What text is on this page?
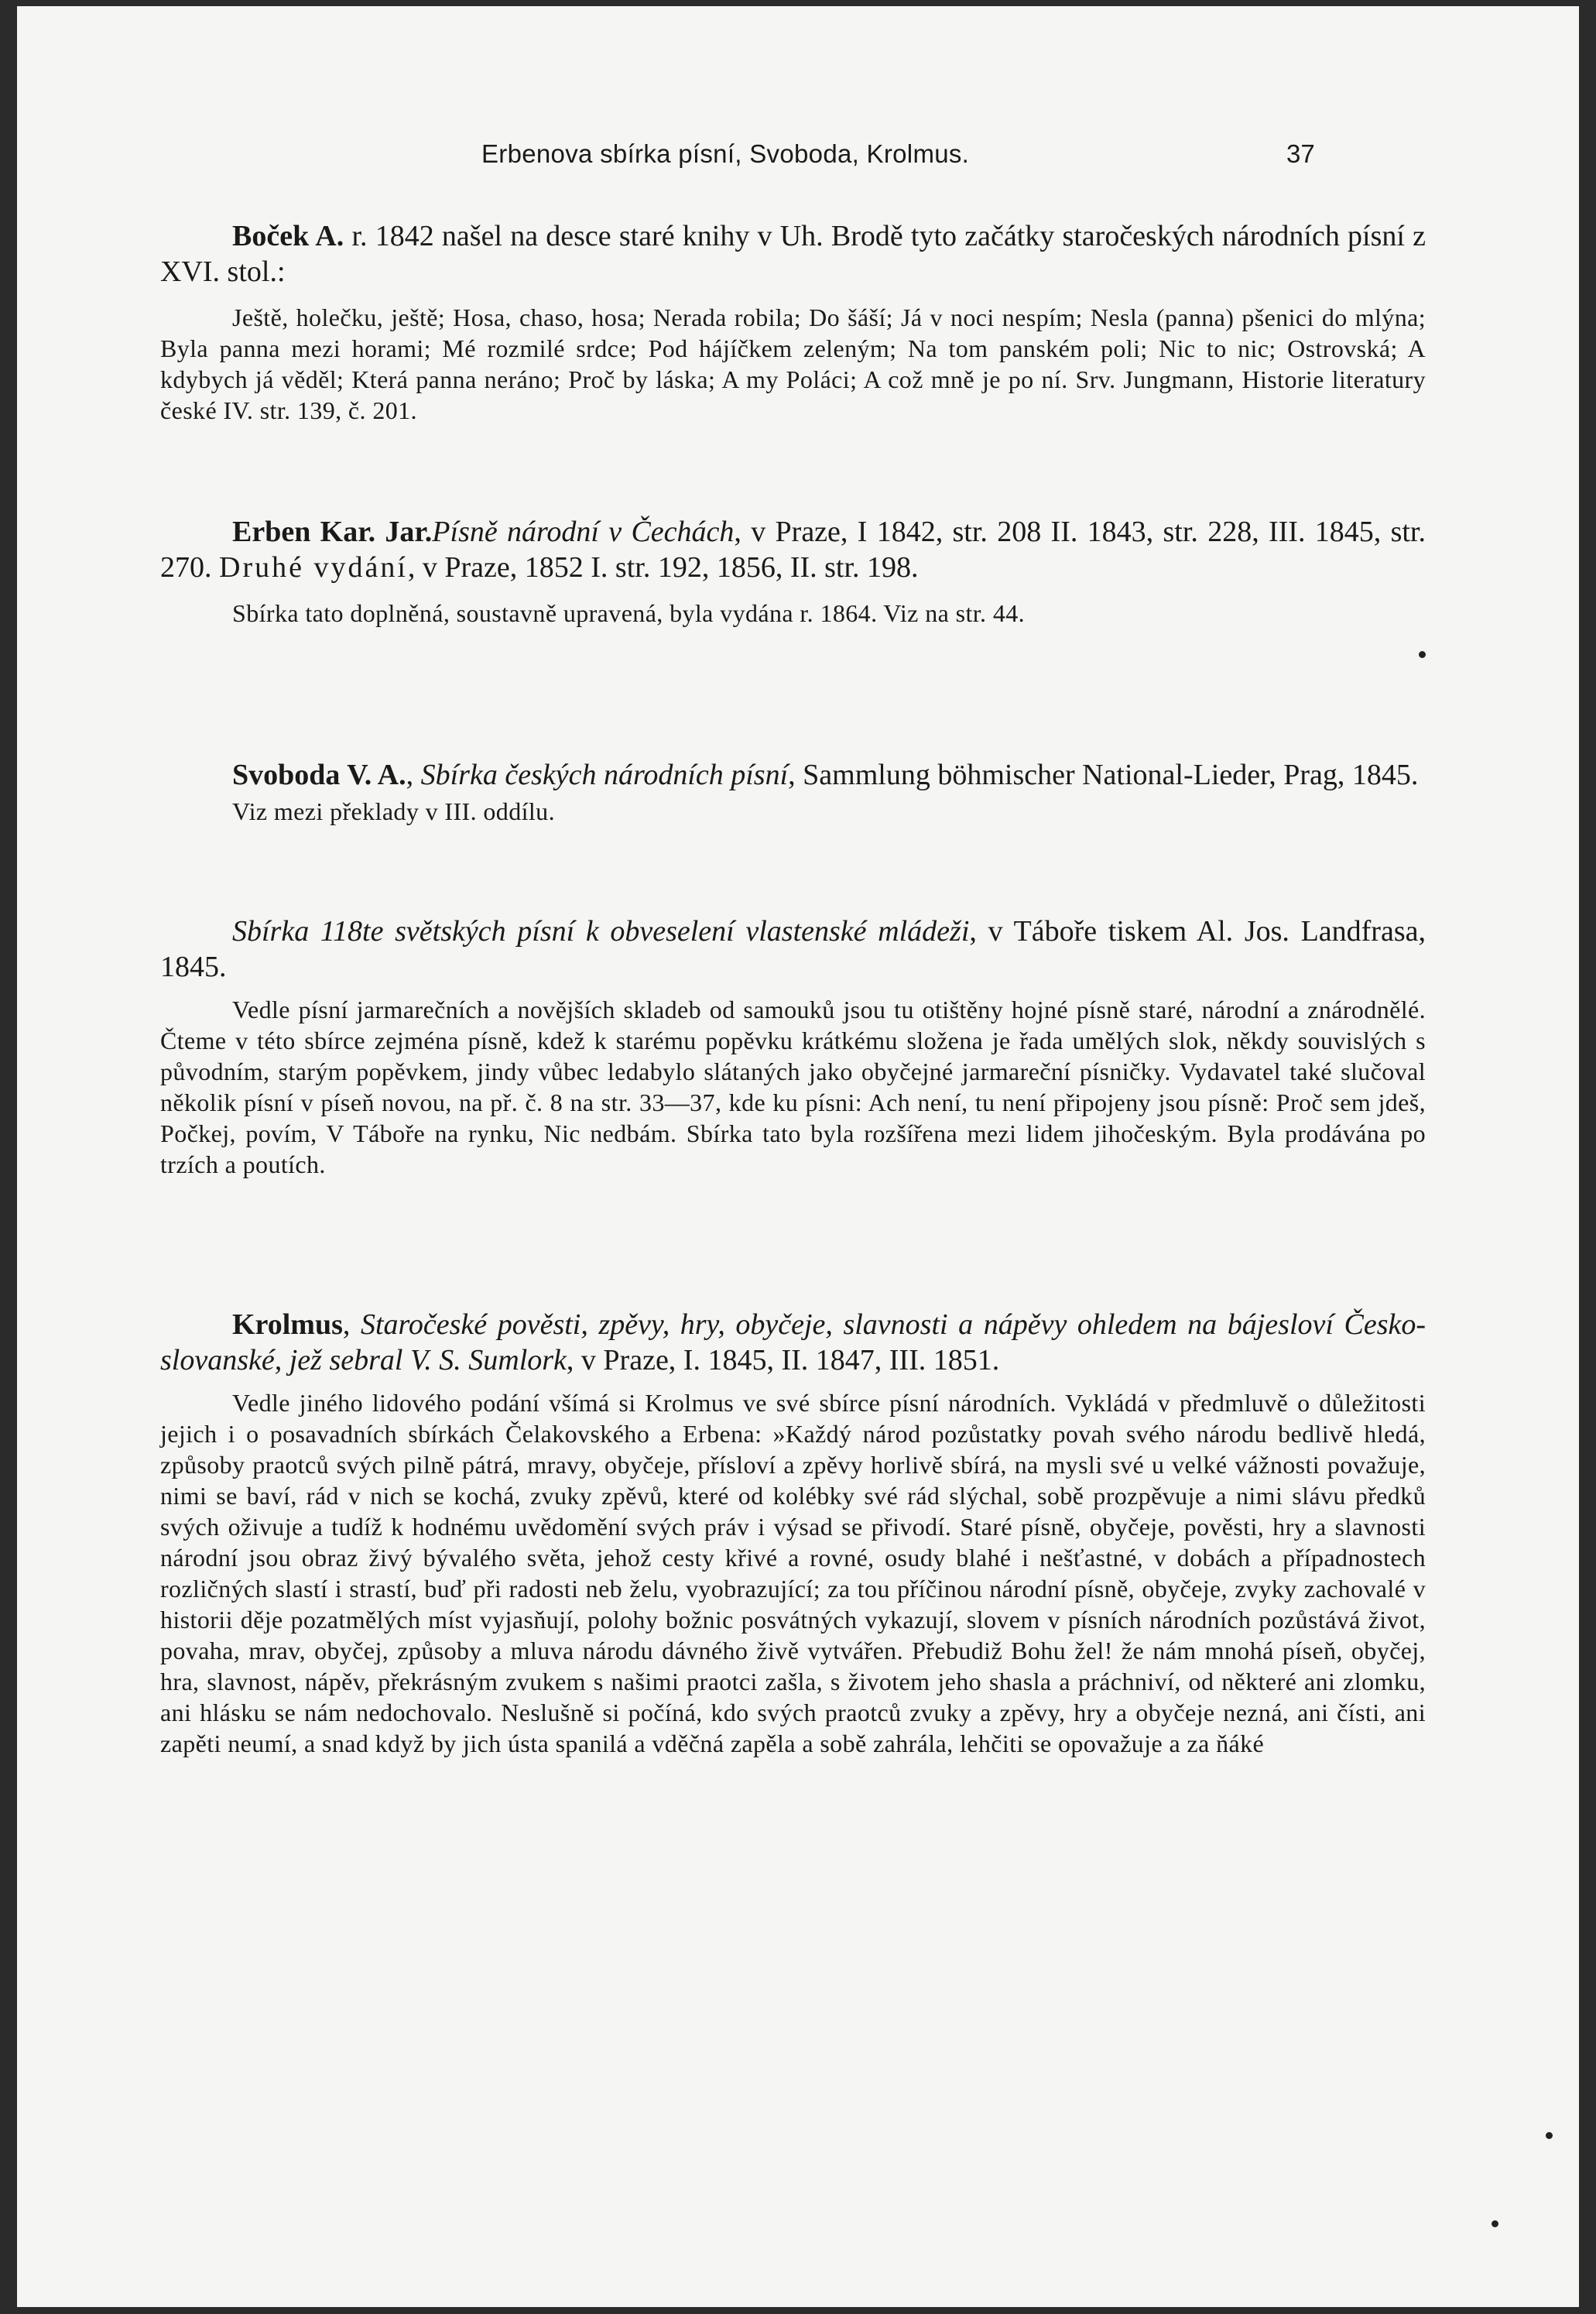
Erbenova sbírka písní, Svoboda, Krolmus.	37

Boček A. r. 1842 našel na desce staré knihy v Uh. Brodě tyto začátky staročeských národních písní z XVI. stol.:

Ještě, holečku, ještě; Hosa, chaso, hosa; Nerada robila; Do šáší; Já v noci nespím; Nesla (panna) pšenici do mlýna; Byla panna mezi horami; Mé rozmilé srdce; Pod hájíčkem zeleným; Na tom panském poli; Nic to nic; Ostrovská; A kdybych já věděl; Která panna neráno; Proč by láska; A my Poláci; A což mně je po ní. Srv. Jungmann, Historie literatury české IV. str. 139, č. 201.

Erben Kar. Jar.Písně národní v Čechách, v Praze, I 1842, str. 208 II. 1843, str. 228, III. 1845, str. 270. Druhé vydání, v Praze, 1852 I. str. 192, 1856, II. str. 198.

Sbírka tato doplněná, soustavně upravená, byla vydána r. 1864. Viz na str. 44.

Svoboda V. A., Sbírka českých národních písní, Sammlung böhmischer National-Lieder, Prag, 1845.

Viz mezi překlady v III. oddílu.

Sbírka 118te světských písní k obveselení vlastenské mládeži, v Táboře tiskem Al. Jos. Landfrasa, 1845.

Vedle písní jarmarečních a novějších skladeb od samouků jsou tu otištěny hojné písně staré, národní a znárodnělé. Čteme v této sbírce zejména písně, kdež k starému popěvku krátkému složena je řada umělých slok, někdy souvislých s původním, starým popěvkem, jindy vůbec ledabylo slátaných jako obyčejné jarmareční písničky. Vydavatel také slučoval několik písní v píseň novou, na př. č. 8 na str. 33—37, kde ku písni: Ach není, tu není připojeny jsou písně: Proč sem jdeš, Počkej, povím, V Táboře na rynku, Nic nedbám. Sbírka tato byla rozšířena mezi lidem jihočeským. Byla prodávána po trzích a poutích.

Krolmus, Staročeské pověsti, zpěvy, hry, obyčeje, slavnosti a nápěvy ohledem na bájesloví Česko-slovanské, jež sebral V. S. Sumlork, v Praze, I. 1845, II. 1847, III. 1851.

Vedle jiného lidového podání všímá si Krolmus ve své sbírce písní národních. Vykládá v předmluvě o důležitosti jejich i o posavadních sbírkách Čelakovského a Erbena: »Každý národ pozůstatky povah svého národu bedlivě hledá, způsoby praotců svých pilně pátrá, mravy, obyčeje, přísloví a zpěvy horlivě sbírá, na mysli své u velké vážnosti považuje, nimi se baví, rád v nich se kochá, zvuky zpěvů, které od kolébky své rád slýchal, sobě prozpěvuje a nimi slávu předků svých oživuje a tudíž k hodnému uvědomění svých práv i výsad se přivodí. Staré písně, obyčeje, pověsti, hry a slavnosti národní jsou obraz živý bývalého světa, jehož cesty křivé a rovné, osudy blahé i nešťastné, v dobách a případnostech rozličných slastí i strastí, buď při radosti neb želu, vyobrazující; za tou příčinou národní písně, obyčeje, zvyky zachovalé v historii děje pozatmělých míst vyjasňují, polohy božnic posvátných vykazují, slovem v písních národních pozůstává život, povaha, mrav, obyčej, způsoby a mluva národu dávného živě vytvářen. Přebudiž Bohu žel! že nám mnohá píseň, obyčej, hra, slavnost, nápěv, překrásným zvukem s našimi praotci zašla, s životem jeho shasla a práchniví, od některé ani zlomku, ani hlásku se nám nedochovalo. Neslušně si počíná, kdo svých praotců zvuky a zpěvy, hry a obyčeje nezná, ani čísti, ani zapěti neumí, a snad když by jich ústa spanilá a vděčná zapěla a sobě zahrála, lehčiti se opovažuje a za ňáké
